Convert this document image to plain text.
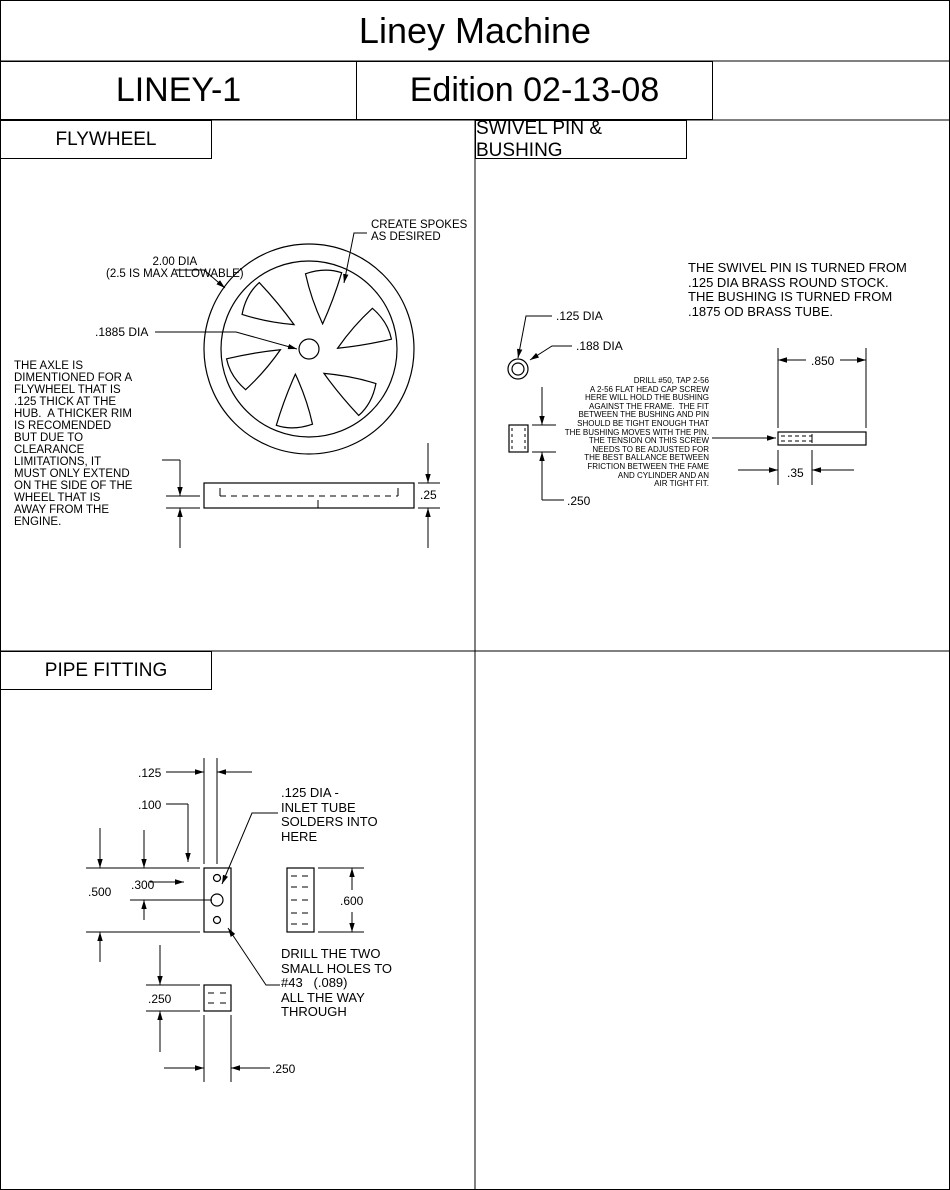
Liney Machine
LINEY-1	Edition 02-13-08
FLYWHEEL
SWIVEL PIN & BUSHING
PIPE FITTING
.25
2.00 DIA
(2.5 IS MAX ALLOWABLE)
CREATE SPOKES
AS DESIRED
.1885 DIA
THE AXLE IS
DIMENTIONED FOR A
FLYWHEEL THAT IS
.125 THICK AT THE
HUB.  A THICKER RIM
IS RECOMENDED
BUT DUE TO
CLEARANCE
LIMITATIONS, IT
MUST ONLY EXTEND
ON THE SIDE OF THE
WHEEL THAT IS
AWAY FROM THE
ENGINE.
.850
.35
.250
THE SWIVEL PIN IS TURNED FROM
.125 DIA BRASS ROUND STOCK.
THE BUSHING IS TURNED FROM
.1875 OD BRASS TUBE.
.125 DIA
.188 DIA
DRILL #50, TAP 2-56
A 2-56 FLAT HEAD CAP SCREW
HERE WILL HOLD THE BUSHING
AGAINST THE FRAME.  THE FIT
BETWEEN THE BUSHING AND PIN
SHOULD BE TIGHT ENOUGH THAT
THE BUSHING MOVES WITH THE PIN.
THE TENSION ON THIS SCREW
NEEDS TO BE ADJUSTED FOR
THE BEST BALLANCE BETWEEN
FRICTION BETWEEN THE FAME
AND CYLINDER AND AN
AIR TIGHT FIT.
.500 .300
.125
.100
.600
.250
.250
.125 DIA -
INLET TUBE
SOLDERS INTO
HERE
DRILL THE TWO
SMALL HOLES TO
#43   (.089)
ALL THE WAY
THROUGH
